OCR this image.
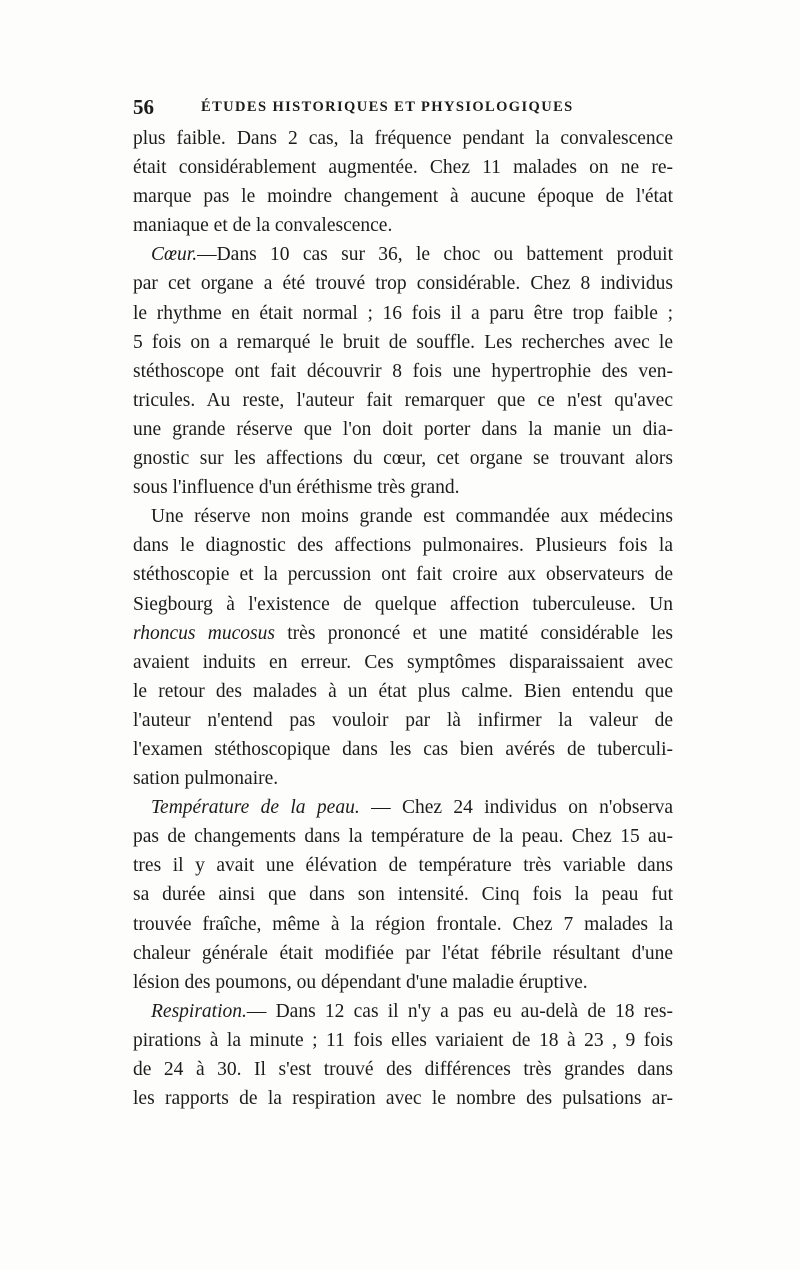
56	ÉTUDES HISTORIQUES ET PHYSIOLOGIQUES
plus faible. Dans 2 cas, la fréquence pendant la convalescence
était considérablement augmentée. Chez 11 malades on ne re-
marque pas le moindre changement à aucune époque de l'état
maniaque et de la convalescence.
Cœur.—Dans 10 cas sur 36, le choc ou battement produit
par cet organe a été trouvé trop considérable. Chez 8 individus
le rhythme en était normal ; 16 fois il a paru être trop faible ;
5 fois on a remarqué le bruit de souffle. Les recherches avec le
stéthoscope ont fait découvrir 8 fois une hypertrophie des ven-
tricules. Au reste, l'auteur fait remarquer que ce n'est qu'avec
une grande réserve que l'on doit porter dans la manie un dia-
gnostic sur les affections du cœur, cet organe se trouvant alors
sous l'influence d'un éréthisme très grand.
Une réserve non moins grande est commandée aux médecins
dans le diagnostic des affections pulmonaires. Plusieurs fois la
stéthoscopie et la percussion ont fait croire aux observateurs de
Siegbourg à l'existence de quelque affection tuberculeuse. Un
rhoncus mucosus très prononcé et une matité considérable les
avaient induits en erreur. Ces symptômes disparaissaient avec
le retour des malades à un état plus calme. Bien entendu que
l'auteur n'entend pas vouloir par là infirmer la valeur de
l'examen stéthoscopique dans les cas bien avérés de tuberculi-
sation pulmonaire.
Température de la peau. — Chez 24 individus on n'observa
pas de changements dans la température de la peau. Chez 15 au-
tres il y avait une élévation de température très variable dans
sa durée ainsi que dans son intensité. Cinq fois la peau fut
trouvée fraîche, même à la région frontale. Chez 7 malades la
chaleur générale était modifiée par l'état fébrile résultant d'une
lésion des poumons, ou dépendant d'une maladie éruptive.
Respiration.— Dans 12 cas il n'y a pas eu au-delà de 18 res-
pirations à la minute ; 11 fois elles variaient de 18 à 23 , 9 fois
de 24 à 30. Il s'est trouvé des différences très grandes dans
les rapports de la respiration avec le nombre des pulsations ar-
